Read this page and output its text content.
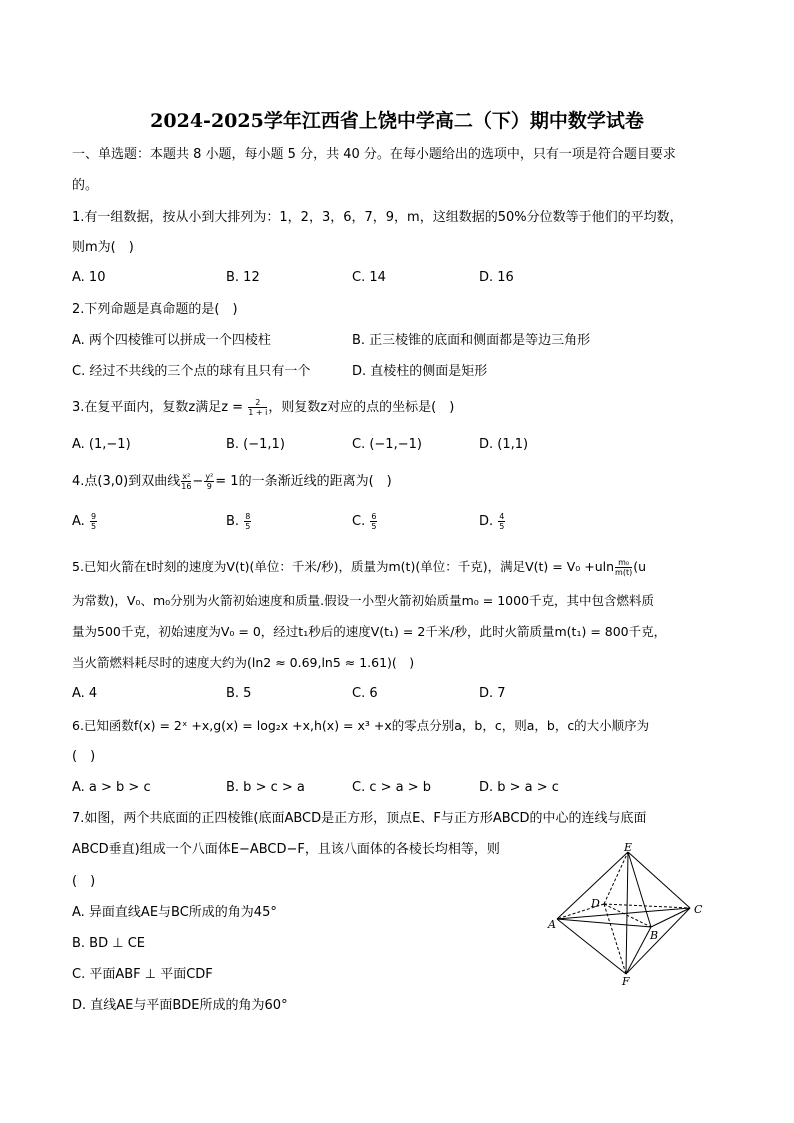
2024-2025学年江西省上饶中学高二（下）期中数学试卷
一、单选题：本题共 8 小题，每小题 5 分，共 40 分。在每小题给出的选项中，只有一项是符合题目要求
的。
1.有一组数据，按从小到大排列为：1，2，3，6，7，9，m，这组数据的50%分位数等于他们的平均数，
则m为(　)
A. 10	B. 12	C. 14	D. 16
2.下列命题是真命题的是(　)
A. 两个四棱锥可以拼成一个四棱柱	B. 正三棱锥的底面和侧面都是等边三角形
C. 经过不共线的三个点的球有且只有一个	D. 直棱柱的侧面是矩形
3.在复平面内，复数z满足$z = \frac{2}{1 + i}$ ，则复数z对应的点的坐标是(　)
A. (1,−1)	B. (−1,1)	C. (−1,−1)	D. (1,1)
4.点(3,0)到双曲线 $\frac{\text{x²}}{16} - \frac{\text{y²}}{9} = 1$的一条渐近线的距离为(　)
A. $\frac{9}{5}$	B. $\frac{8}{5}$	C. $\frac{6}{5}$	D. $\frac{4}{5}$
5.已知火箭在t时刻的速度为V(t)(单位：千米/秒)，质量为m(t)(单位：千克)，满足$V(t) = V_0 +uln \frac{\text{m₀}}{m(t)} (u$
为常数)，V₀、m₀分别为火箭初始速度和质量.假设一小型火箭初始质量m₀ = 1000千克，其中包含燃料质
量为500千克，初始速度为V₀ = 0，经过t₁秒后的速度V(t₁) = 2千米/秒，此时火箭质量m(t₁) = 800千克，
当火箭燃料耗尽时的速度大约为(ln2 ≈ 0.69,ln5 ≈ 1.61)(　)
A. 4	B. 5	C. 6	D. 7
6.已知函数f(x) = 2ˣ +x,g(x) = log₂x +x,h(x) = x³ +x的零点分别a，b，c，则a，b，c的大小顺序为
(　)
A. a > b > c	B. b > c > a	C. c > a > b	D. b > a > c
7.如图，两个共底面的正四棱锥(底面ABCD是正方形，顶点E、F与正方形ABCD的中心的连线与底面
ABCD垂直)组成一个八面体E−ABCD−F，且该八面体的各棱长均相等，则
(　)
A. 异面直线AE与BC所成的角为45°
B. BD ⊥ CE
C. 平面ABF ⊥ 平面CDF
D. 直线AE与平面BDE所成的角为60°
E
D	C
A
B
F
